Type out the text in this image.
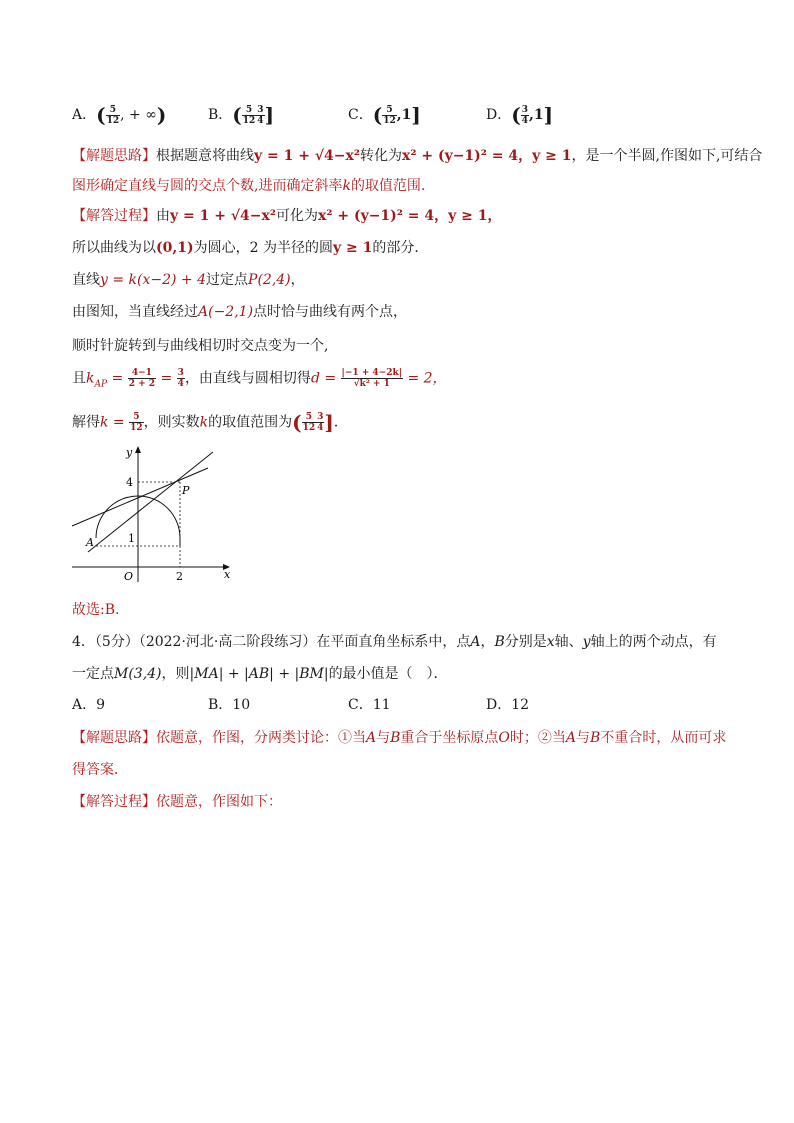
A．( $\frac{5}{12}$ , + ∞)	B．( $\frac{5}{12} \frac{3}{4}$ ]	C．( $\frac{5}{12} ,1$]	D．( $\frac{3}{4} ,1$]
【解题思路】根据题意将曲线y = 1 + √4−x²转化为x² + (y−1)² = 4，y ≥ 1，是一个半圆,作图如下,可结合
图形确定直线与圆的交点个数,进而确定斜率k的取值范围.
【解答过程】由y = 1 + √4−x²可化为x² + (y−1)² = 4，y ≥ 1，
所以曲线为以(0,1)为圆心，2 为半径的圆y ≥ 1的部分．
直线y = k(x−2) + 4过定点P(2,4)，
由图知，当直线经过A(−2,1)点时恰与曲线有两个点，
顺时针旋转到与曲线相切时交点变为一个,
且$k_{AP} = \frac{4-1}{2 + 2} = \frac{3}{4}$ ，由直线与圆相切得$d = \frac{|-1 + 4-2k|}{\text{√k² + 1}} = 2$，
解得$k = \frac{5}{12}$ ，则实数k的取值范围为( $\frac{5}{12} \frac{3}{4}$ ]．
y
x
O
4
1
2
P
A
故选:B.
4．（5分）（2022·河北·高二阶段练习）在平面直角坐标系中，点A，B分别是x轴、y轴上的两个动点，有
一定点M(3,4)，则|MA| + |AB| + |BM|的最小值是（　）．
A．9	B．10	C．11	D．12
【解题思路】依题意，作图，分两类讨论：①当A与B重合于坐标原点O时；②当A与B不重合时，从而可求
得答案．
【解答过程】依题意，作图如下：
